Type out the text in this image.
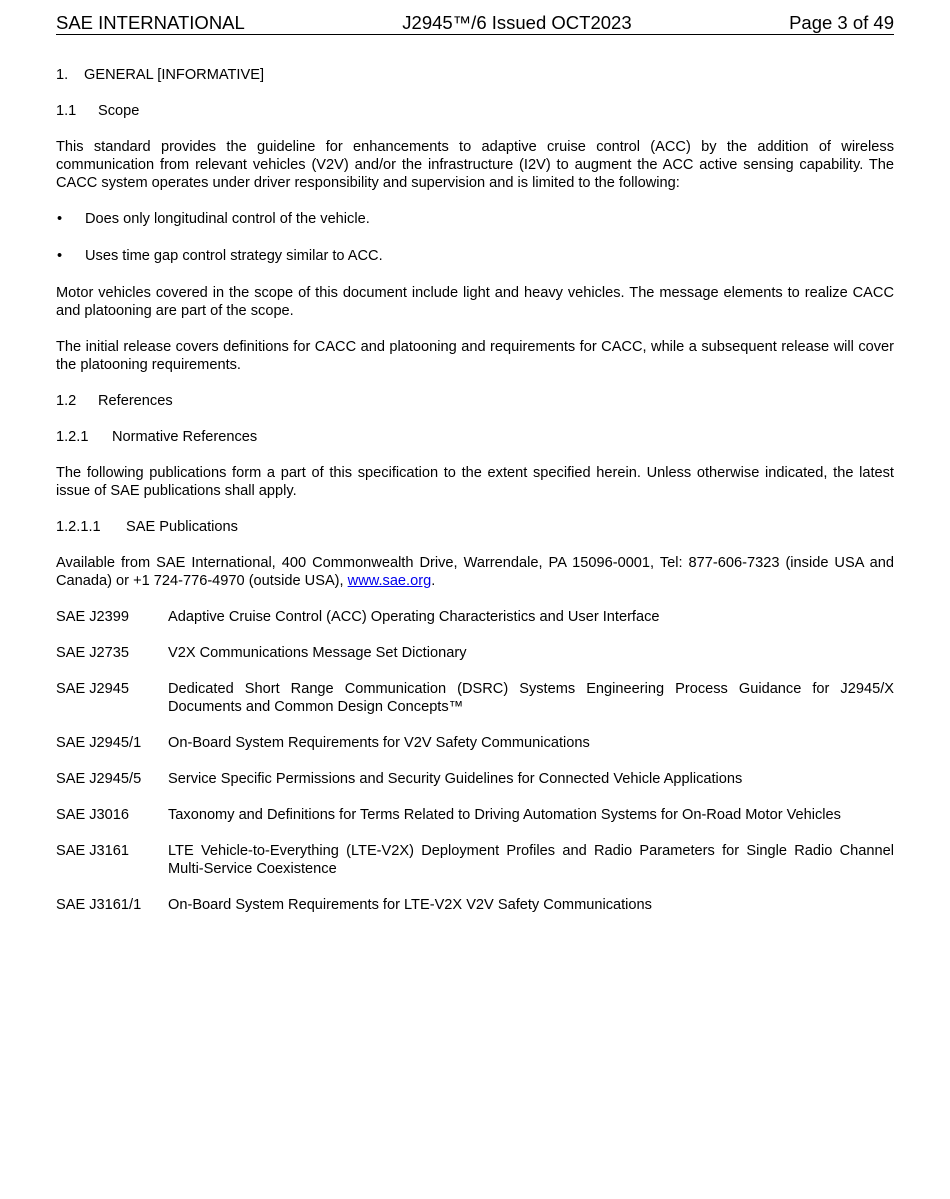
SAE INTERNATIONAL	J2945™/6 Issued OCT2023	Page 3 of 49
1. GENERAL [INFORMATIVE]
1.1 Scope

This standard provides the guideline for enhancements to adaptive cruise control (ACC) by the addition of wireless communication from relevant vehicles (V2V) and/or the infrastructure (I2V) to augment the ACC active sensing capability. The CACC system operates under driver responsibility and supervision and is limited to the following:

•	Does only longitudinal control of the vehicle.
•	Uses time gap control strategy similar to ACC.

Motor vehicles covered in the scope of this document include light and heavy vehicles. The message elements to realize CACC and platooning are part of the scope.

The initial release covers definitions for CACC and platooning and requirements for CACC, while a subsequent release will cover the platooning requirements.

1.2 References
1.2.1 Normative References

The following publications form a part of this specification to the extent specified herein. Unless otherwise indicated, the latest issue of SAE publications shall apply.

1.2.1.1 SAE Publications

Available from SAE International, 400 Commonwealth Drive, Warrendale, PA 15096-0001, Tel: 877-606-7323 (inside USA and Canada) or +1 724-776-4970 (outside USA), www.sae.org.

SAE J2399	Adaptive Cruise Control (ACC) Operating Characteristics and User Interface
SAE J2735	V2X Communications Message Set Dictionary
SAE J2945	Dedicated Short Range Communication (DSRC) Systems Engineering Process Guidance for J2945/X Documents and Common Design Concepts™
SAE J2945/1	On-Board System Requirements for V2V Safety Communications
SAE J2945/5	Service Specific Permissions and Security Guidelines for Connected Vehicle Applications
SAE J3016	Taxonomy and Definitions for Terms Related to Driving Automation Systems for On-Road Motor Vehicles
SAE J3161	LTE Vehicle-to-Everything (LTE-V2X) Deployment Profiles and Radio Parameters for Single Radio Channel Multi-Service Coexistence
SAE J3161/1	On-Board System Requirements for LTE-V2X V2V Safety Communications
